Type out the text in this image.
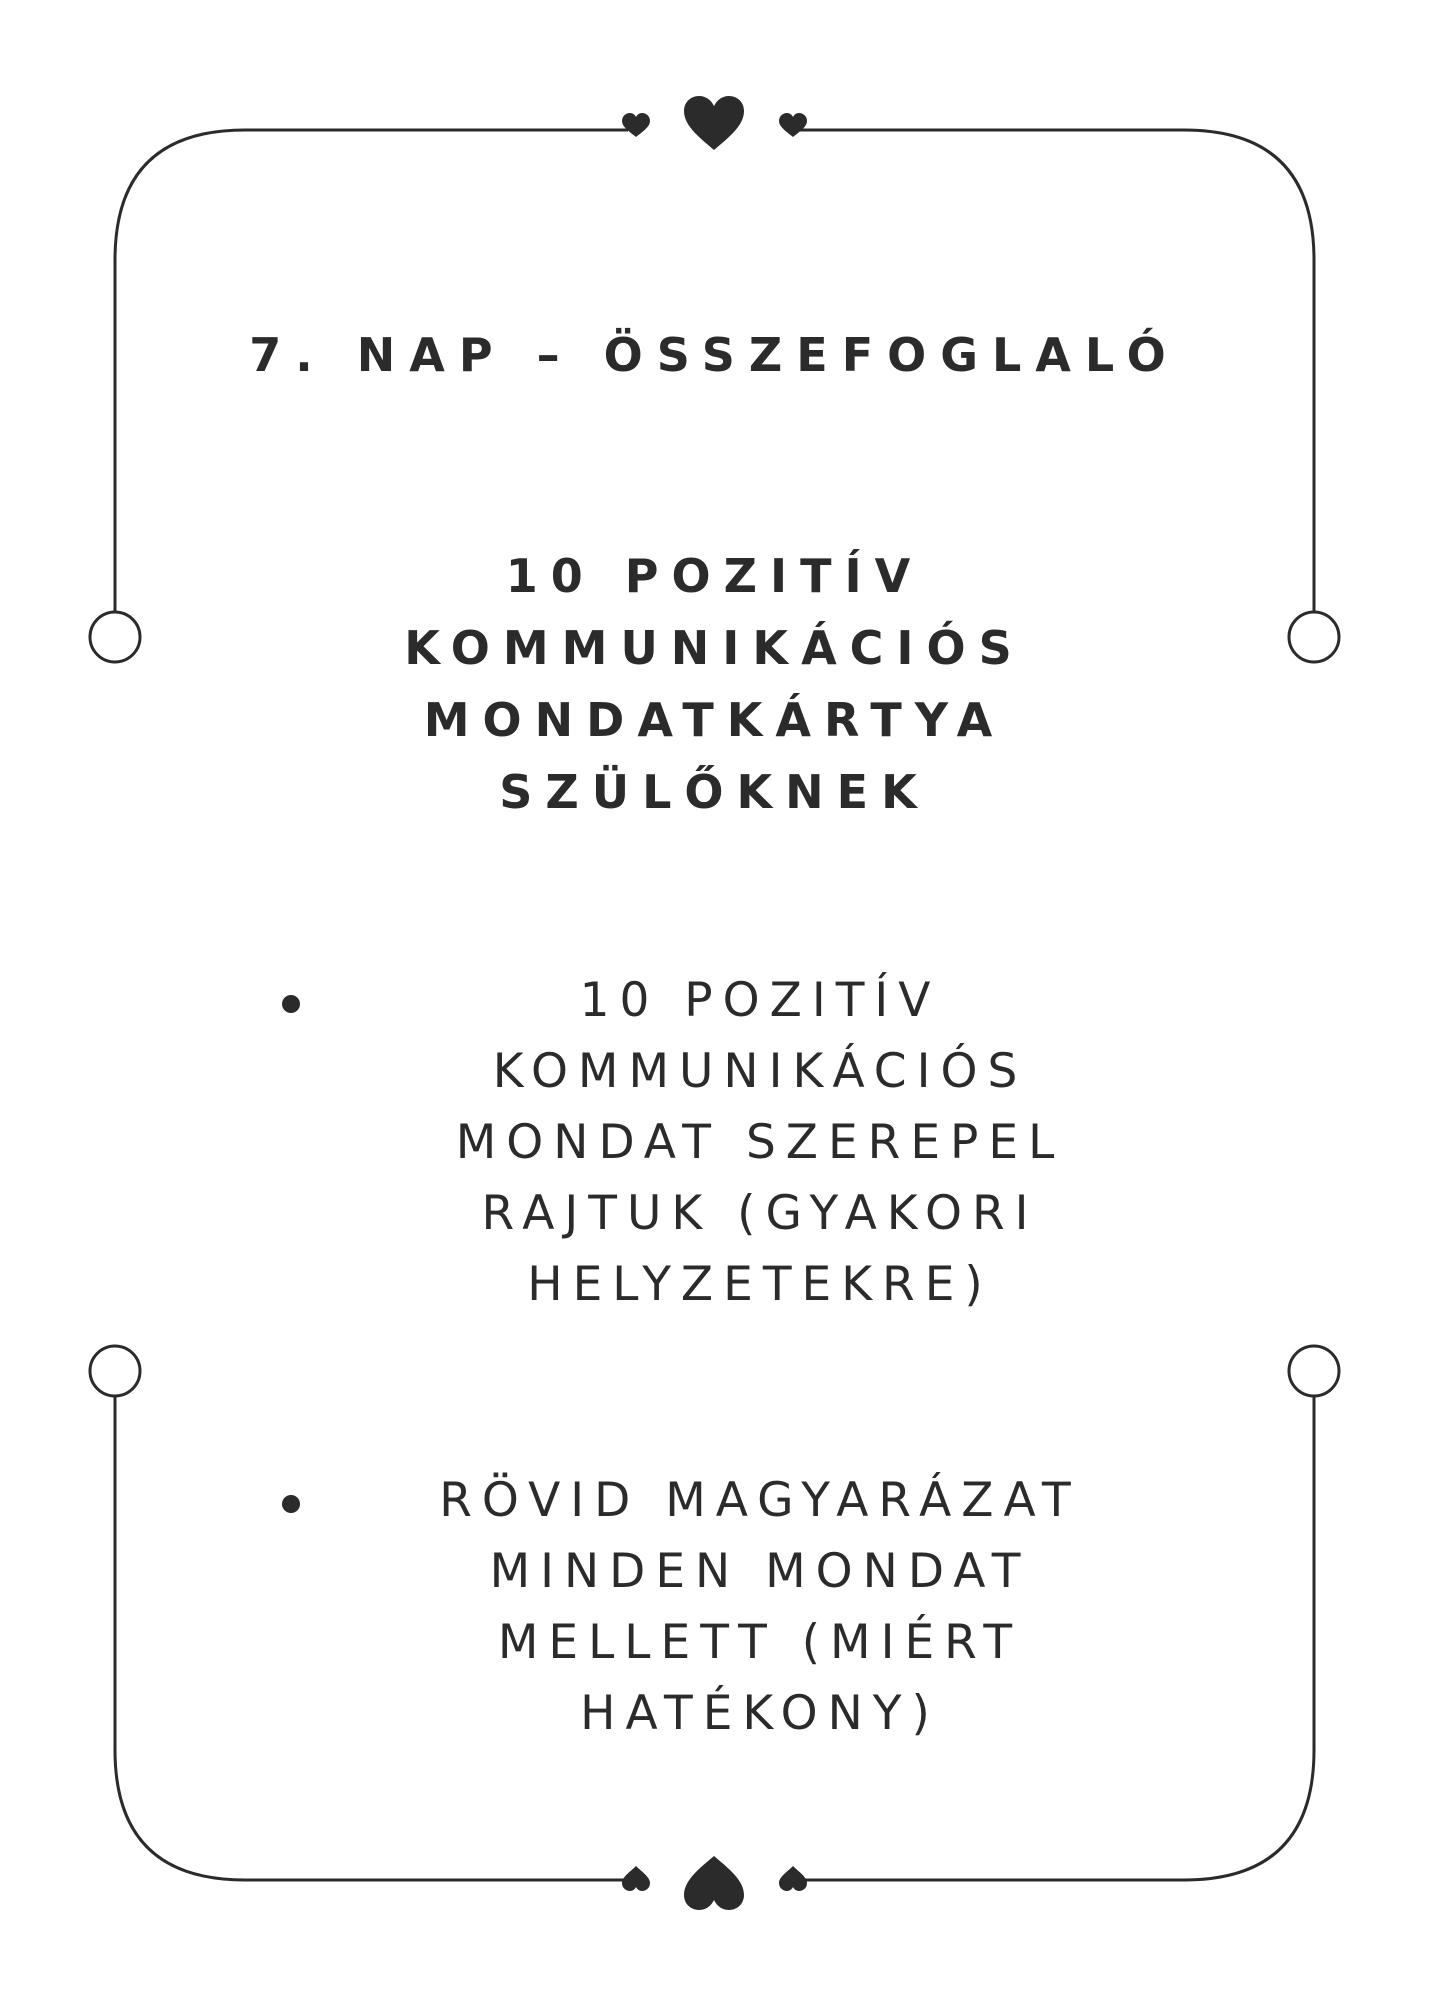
7. NAP – ÖSSZEFOGLALÓ
10 POZITÍV
KOMMUNIKÁCIÓS
MONDATKÁRTYA
SZÜLŐKNEK
10 POZITÍV
KOMMUNIKÁCIÓS
MONDAT SZEREPEL
RAJTUK (GYAKORI
HELYZETEKRE)
RÖVID MAGYARÁZAT
MINDEN MONDAT
MELLETT (MIÉRT
HATÉKONY)
